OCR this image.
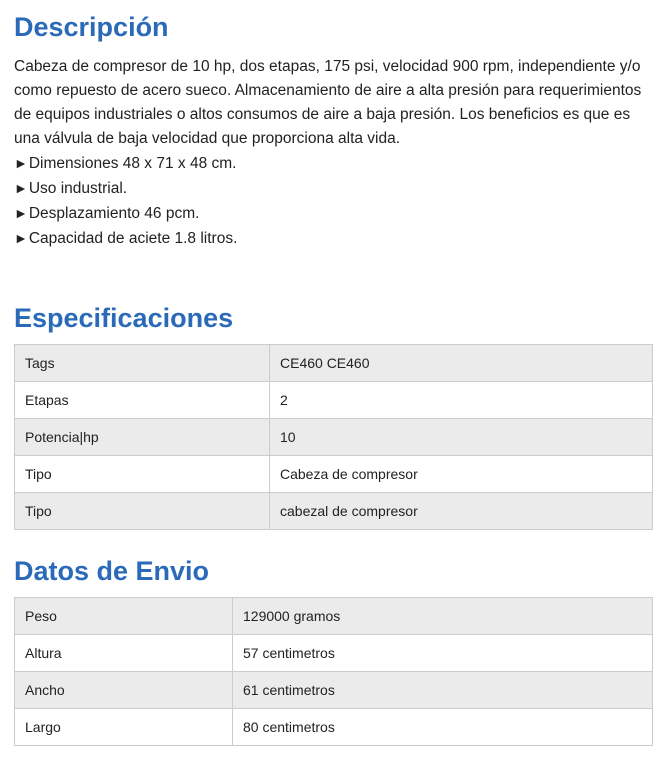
Descripción

Cabeza de compresor de 10 hp, dos etapas, 175 psi, velocidad 900 rpm, independiente y/o como repuesto de acero sueco. Almacenamiento de aire a alta presión para requerimientos de equipos industriales o altos consumos de aire a baja presión. Los beneficios es que es una válvula de baja velocidad que proporciona alta vida.

►Dimensiones 48 x 71 x 48 cm.
►Uso industrial.
►Desplazamiento 46 pcm.
►Capacidad de aciete 1.8 litros.
Especificaciones
Tags	CE460 CE460
Etapas	2
Potencia|hp	10
Tipo	Cabeza de compresor
Tipo	cabezal de compresor
Datos de Envio
Peso	129000 gramos
Altura	57 centimetros
Ancho	61 centimetros
Largo	80 centimetros
